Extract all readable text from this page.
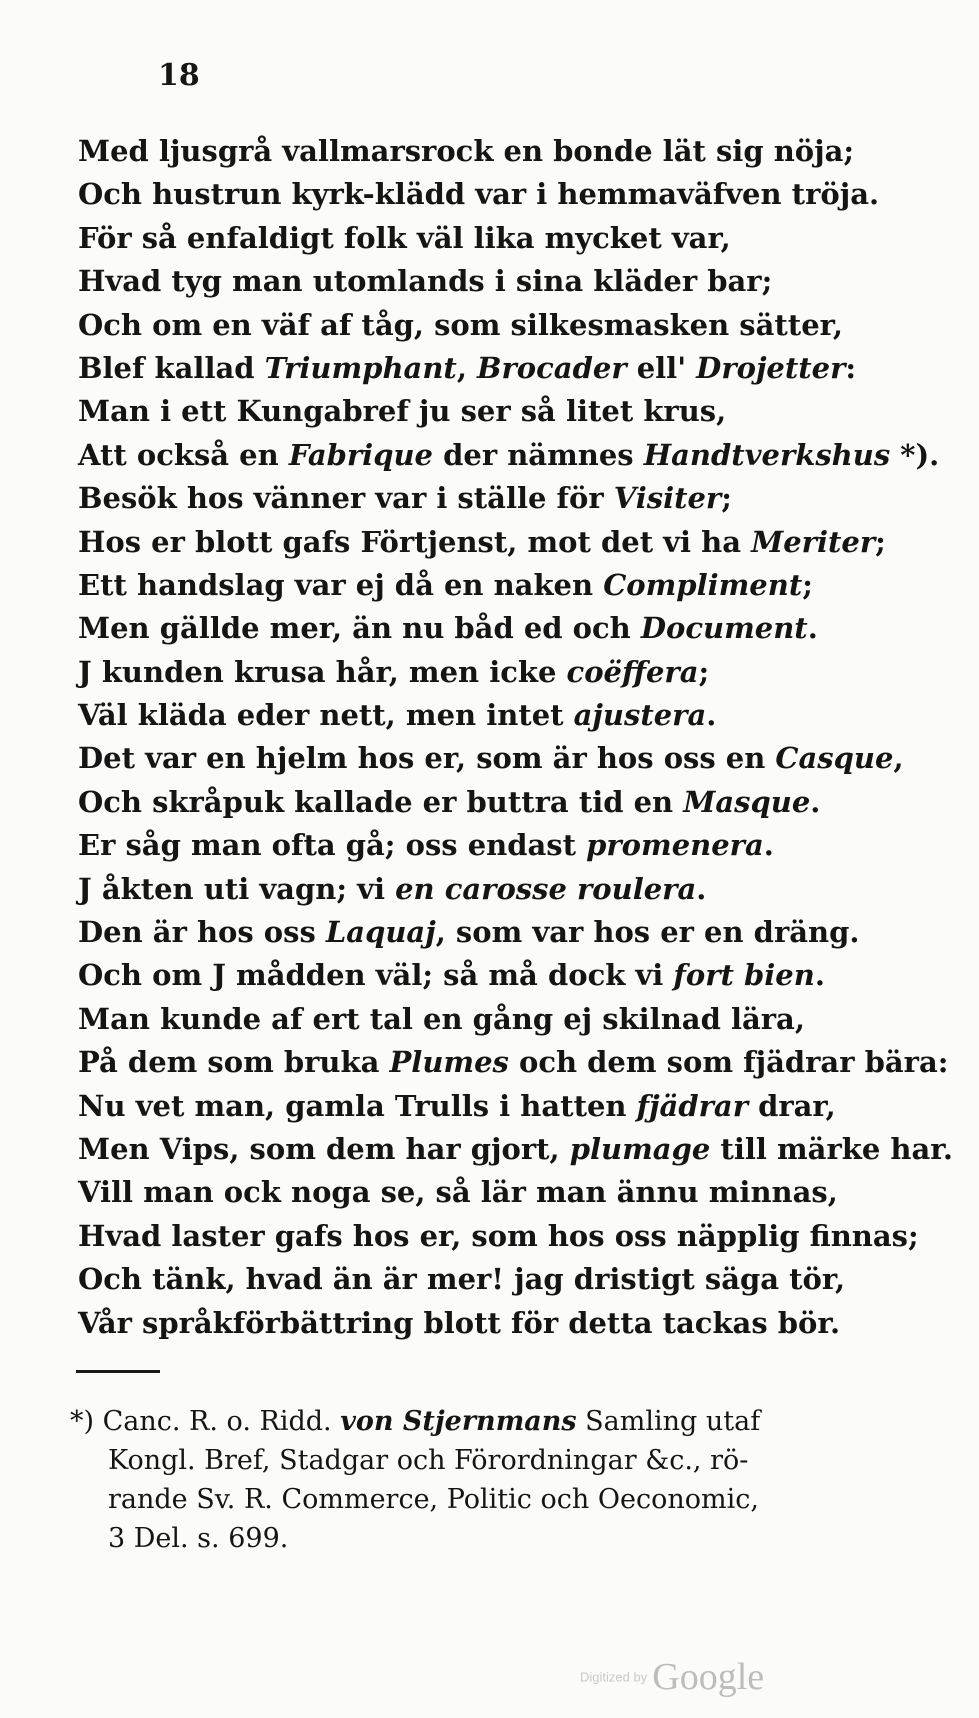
18
Med ljusgrå vallmarsrock en bonde lät sig nöja;
Och hustrun kyrk-klädd var i hemmaväfven tröja.
För så enfaldigt folk väl lika mycket var,
Hvad tyg man utomlands i sina kläder bar;
Och om en väf af tåg, som silkesmasken sätter,
Blef kallad Triumphant, Brocader ell' Drojetter:
Man i ett Kungabref ju ser så litet krus,
Att också en Fabrique der nämnes Handtverkshus *).
Besök hos vänner var i ställe för Visiter;
Hos er blott gafs Förtjenst, mot det vi ha Meriter;
Ett handslag var ej då en naken Compliment;
Men gällde mer, än nu båd ed och Document.
J kunden krusa hår, men icke coëffera;
Väl kläda eder nett, men intet ajustera.
Det var en hjelm hos er, som är hos oss en Casque,
Och skråpuk kallade er buttra tid en Masque.
Er såg man ofta gå; oss endast promenera.
J åkten uti vagn; vi en carosse roulera.
Den är hos oss Laquaj, som var hos er en dräng.
Och om J mådden väl; så må dock vi fort bien.
Man kunde af ert tal en gång ej skilnad lära,
På dem som bruka Plumes och dem som fjädrar bära:
Nu vet man, gamla Trulls i hatten fjädrar drar,
Men Vips, som dem har gjort, plumage till märke har.
Vill man ock noga se, så lär man ännu minnas,
Hvad laster gafs hos er, som hos oss näpplig finnas;
Och tänk, hvad än är mer! jag dristigt säga tör,
Vår språkförbättring blott för detta tackas bör.
*) Canc. R. o. Ridd. von Stjernmans Samling utaf
Kongl. Bref, Stadgar och Förordningar &c., rö-
rande Sv. R. Commerce, Politic och Oeconomic,
3 Del. s. 699.
Digitized by Google
